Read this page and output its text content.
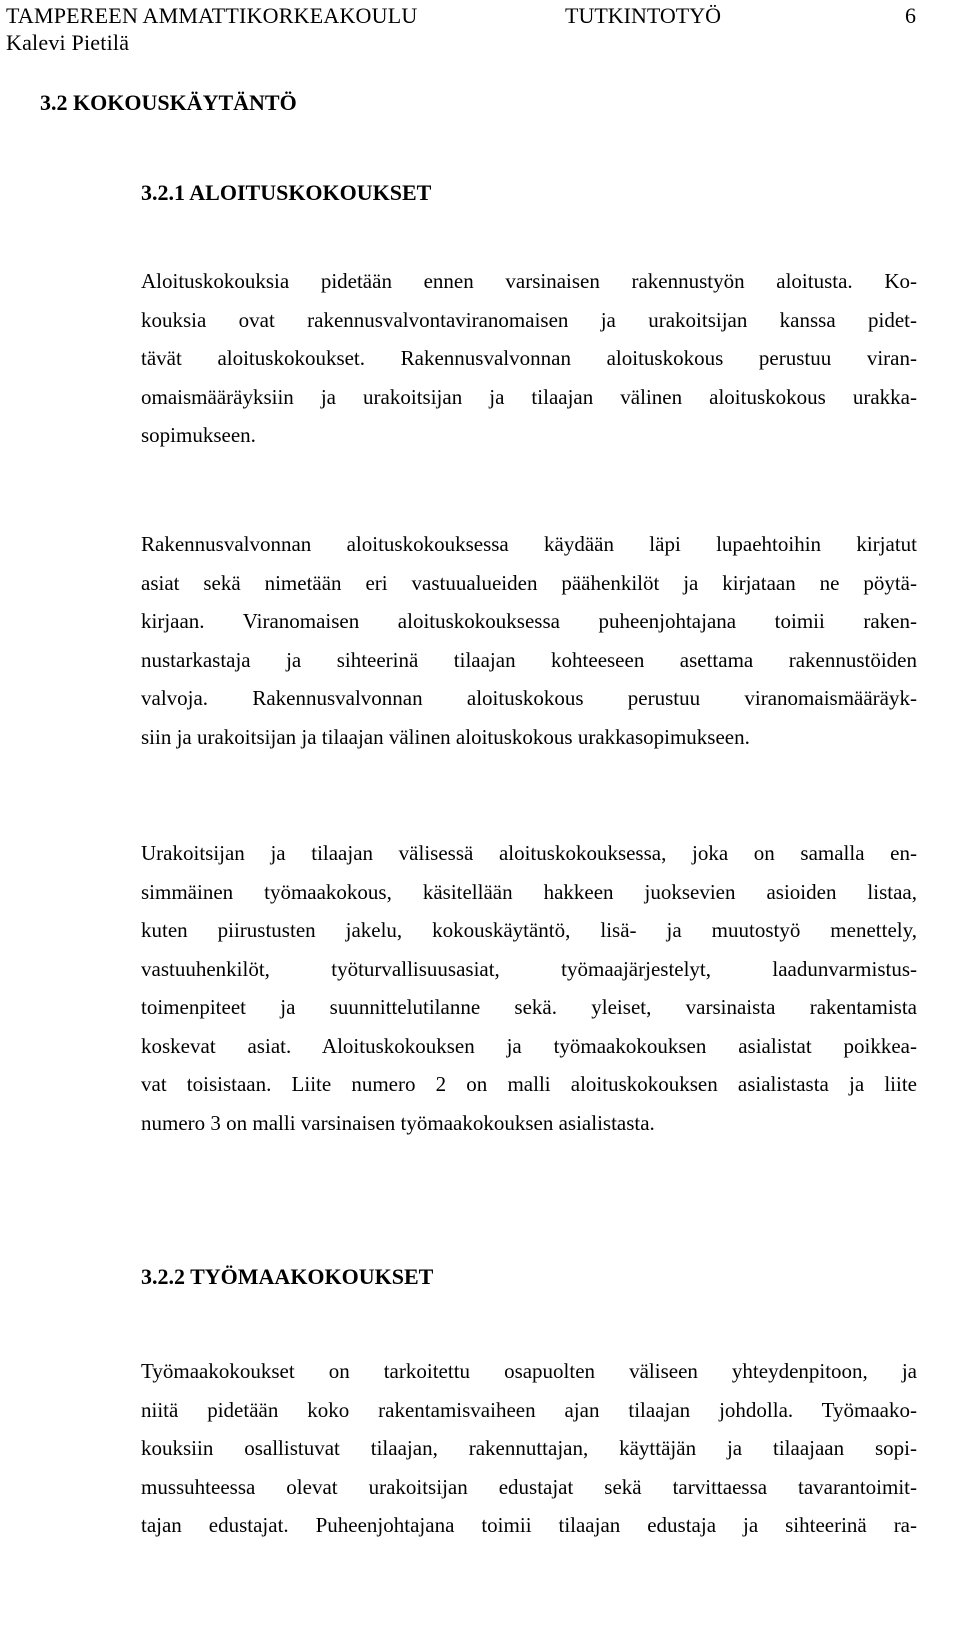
TAMPEREEN AMMATTIKORKEAKOULU
Kalevi Pietilä
TUTKINTOTYÖ	6
3.2 KOKOUSKÄYTÄNTÖ
3.2.1 ALOITUSKOKOUKSET
Aloituskokouksia pidetään ennen varsinaisen rakennustyön aloitusta. Ko-
kouksia ovat rakennusvalvontaviranomaisen ja urakoitsijan kanssa pidet-
tävät aloituskokoukset. Rakennusvalvonnan aloituskokous perustuu viran-
omaismääräyksiin ja urakoitsijan ja tilaajan välinen aloituskokous urakka-
sopimukseen.
Rakennusvalvonnan aloituskokouksessa käydään läpi lupaehtoihin kirjatut
asiat sekä nimetään eri vastuualueiden päähenkilöt ja kirjataan ne pöytä-
kirjaan. Viranomaisen aloituskokouksessa puheenjohtajana toimii raken-
nustarkastaja ja sihteerinä tilaajan kohteeseen asettama rakennustöiden
valvoja. Rakennusvalvonnan aloituskokous perustuu viranomaismääräyk-
siin ja urakoitsijan ja tilaajan välinen aloituskokous urakkasopimukseen.
Urakoitsijan ja tilaajan välisessä aloituskokouksessa, joka on samalla en-
simmäinen työmaakokous, käsitellään hakkeen juoksevien asioiden listaa,
kuten piirustusten jakelu, kokouskäytäntö, lisä- ja muutostyö menettely,
vastuuhenkilöt, työturvallisuusasiat, työmaajärjestelyt, laadunvarmistus-
toimenpiteet ja suunnittelutilanne sekä. yleiset, varsinaista rakentamista
koskevat asiat. Aloituskokouksen ja työmaakokouksen asialistat poikkea-
vat toisistaan. Liite numero 2 on malli aloituskokouksen asialistasta ja liite
numero 3 on malli varsinaisen työmaakokouksen asialistasta.
3.2.2 TYÖMAAKOKOUKSET
Työmaakokoukset on tarkoitettu osapuolten väliseen yhteydenpitoon, ja
niitä pidetään koko rakentamisvaiheen ajan tilaajan johdolla. Työmaako-
kouksiin osallistuvat tilaajan, rakennuttajan, käyttäjän ja tilaajaan sopi-
mussuhteessa olevat urakoitsijan edustajat sekä tarvittaessa tavarantoimit-
tajan edustajat. Puheenjohtajana toimii tilaajan edustaja ja sihteerinä ra-
